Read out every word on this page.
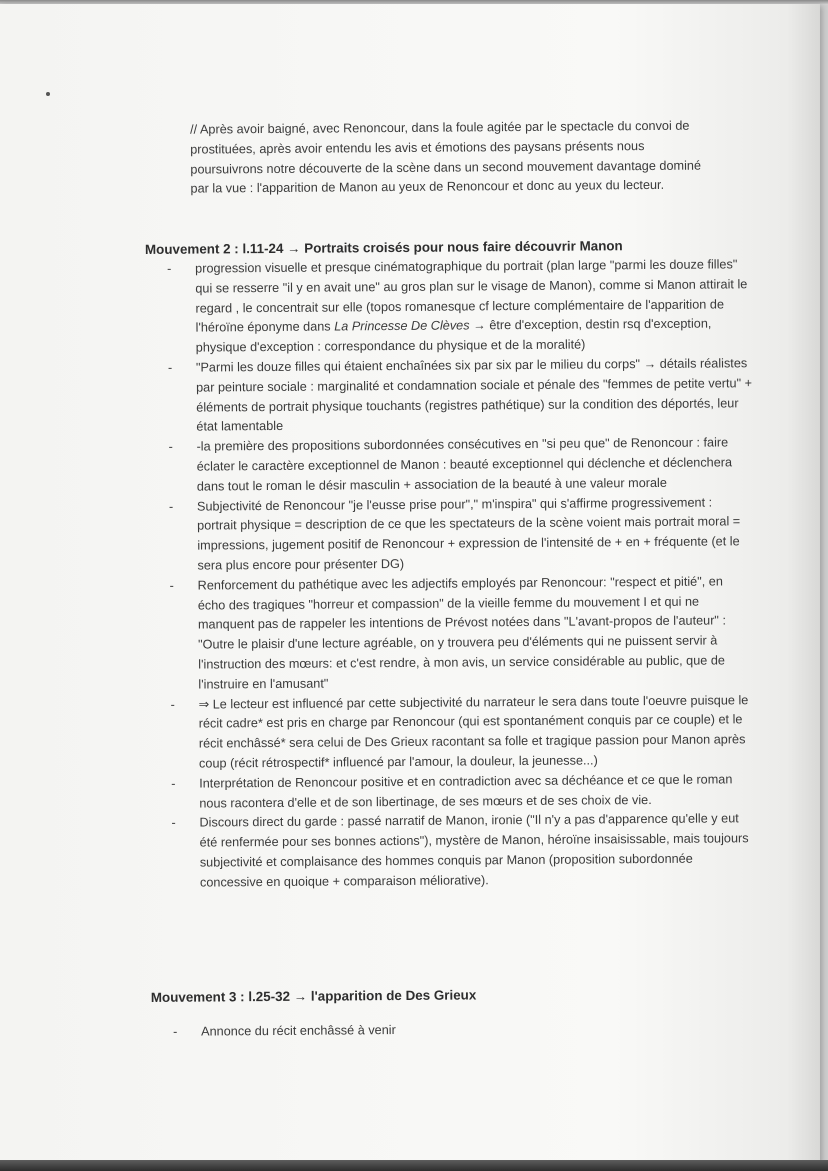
// Après avoir baigné, avec Renoncour, dans la foule agitée par le spectacle du convoi de prostituées, après avoir entendu les avis et émotions des paysans présents nous poursuivrons notre découverte de la scène dans un second mouvement davantage dominé par la vue : l'apparition de Manon au yeux de Renoncour et donc au yeux du lecteur.

Mouvement 2 : l.11-24 → Portraits croisés pour nous faire découvrir Manon
- progression visuelle et presque cinématographique du portrait (plan large "parmi les douze filles" qui se resserre "il y en avait une" au gros plan sur le visage de Manon), comme si Manon attirait le regard , le concentrait sur elle (topos romanesque cf lecture complémentaire de l'apparition de l'héroïne éponyme dans La Princesse De Clèves → être d'exception, destin rsq d'exception, physique d'exception : correspondance du physique et de la moralité)
- "Parmi les douze filles qui étaient enchaînées six par six par le milieu du corps" → détails réalistes par peinture sociale : marginalité et condamnation sociale et pénale des "femmes de petite vertu" + éléments de portrait physique touchants (registres pathétique) sur la condition des déportés, leur état lamentable
- -la première des propositions subordonnées consécutives en "si peu que" de Renoncour : faire éclater le caractère exceptionnel de Manon : beauté exceptionnel qui déclenche et déclenchera dans tout le roman le désir masculin + association de la beauté à une valeur morale
- Subjectivité de Renoncour "je l'eusse prise pour"," m'inspira" qui s'affirme progressivement : portrait physique = description de ce que les spectateurs de la scène voient mais portrait moral = impressions, jugement positif de Renoncour + expression de l'intensité de + en + fréquente (et le sera plus encore pour présenter DG)
- Renforcement du pathétique avec les adjectifs employés par Renoncour: "respect et pitié", en écho des tragiques "horreur et compassion" de la vieille femme du mouvement I et qui ne manquent pas de rappeler les intentions de Prévost notées dans "L'avant-propos de l'auteur" : "Outre le plaisir d'une lecture agréable, on y trouvera peu d'éléments qui ne puissent servir à l'instruction des mœurs: et c'est rendre, à mon avis, un service considérable au public, que de l'instruire en l'amusant"
- ⇒ Le lecteur est influencé par cette subjectivité du narrateur le sera dans toute l'oeuvre puisque le récit cadre* est pris en charge par Renoncour (qui est spontanément conquis par ce couple) et le récit enchâssé* sera celui de Des Grieux racontant sa folle et tragique passion pour Manon après coup (récit rétrospectif* influencé par l'amour, la douleur, la jeunesse...)
- Interprétation de Renoncour positive et en contradiction avec sa déchéance et ce que le roman nous racontera d'elle et de son libertinage, de ses mœurs et de ses choix de vie.
- Discours direct du garde : passé narratif de Manon, ironie ("Il n'y a pas d'apparence qu'elle y eut été renfermée pour ses bonnes actions"), mystère de Manon, héroïne insaisissable, mais toujours subjectivité et complaisance des hommes conquis par Manon (proposition subordonnée concessive en quoique + comparaison méliorative).
Mouvement 3 : l.25-32 → l'apparition de Des Grieux
- Annonce du récit enchâssé à venir
